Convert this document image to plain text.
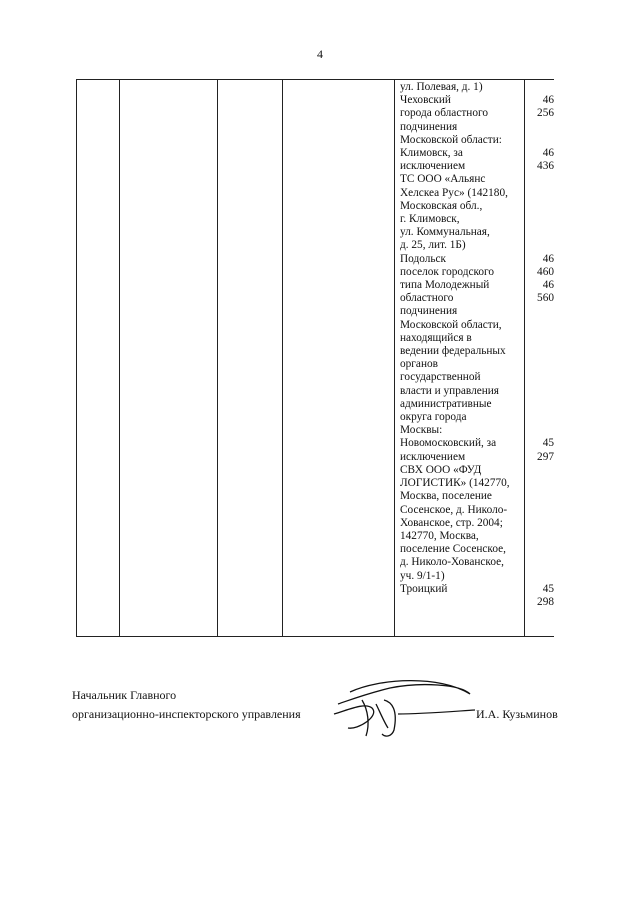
4
ул. Полевая, д. 1)
Чеховский
города областного
подчинения
Московской области:
Климовск, за
исключением
ТС ООО «Альянс
Хелскеа Рус» (142180,
Московская обл.,
г. Климовск,
ул. Коммунальная,
д. 25, лит. 1Б)
Подольск
поселок городского
типа Молодежный
областного
подчинения
Московской области,
находящийся в
ведении федеральных
органов
государственной
власти и управления
административные
округа города
Москвы:
Новомосковский, за
исключением
СВХ ООО «ФУД
ЛОГИСТИК» (142770,
Москва, поселение
Сосенское, д. Николо-
Хованское, стр. 2004;
142770, Москва,
поселение Сосенское,
д. Николо-Хованское,
уч. 9/1-1)
Троицкий
46 256
46 436
46 460
46 560
45 297
45 298
Начальник Главного
организационно-инспекторского управления	И.А. Кузьминов
